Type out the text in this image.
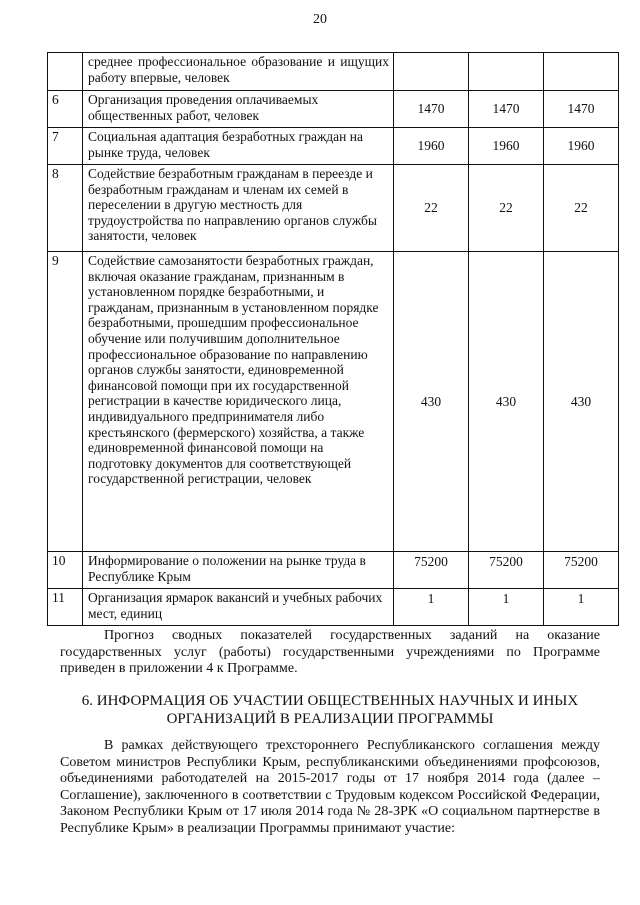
20
	среднее профессиональное образование и ищущих работу впервые, человек			
6	Организация проведения оплачиваемых общественных работ, человек	1470	1470	1470
7	Социальная адаптация безработных граждан на рынке труда, человек	1960	1960	1960
8	Содействие безработным гражданам в переезде и безработным гражданам и членам их семей в переселении в другую местность для трудоустройства по направлению органов службы занятости, человек	22	22	22
9	Содействие самозанятости безработных граждан, включая оказание гражданам, признанным в установленном порядке безработными, и гражданам, признанным в установленном порядке безработными, прошедшим профессиональное обучение или получившим дополнительное профессиональное образование по направлению органов службы занятости, единовременной финансовой помощи при их государственной регистрации в качестве юридического лица, индивидуального предпринимателя либо крестьянского (фермерского) хозяйства, а также единовременной финансовой помощи на подготовку документов для соответствующей государственной регистрации, человек	430	430	430
10	Информирование о положении на рынке труда в Республике Крым	75200	75200	75200
11	Организация ярмарок вакансий и учебных рабочих мест, единиц	1	1	1
Прогноз сводных показателей государственных заданий на оказание государственных услуг (работы) государственными учреждениями по Программе приведен в приложении 4 к Программе.
6. ИНФОРМАЦИЯ ОБ УЧАСТИИ ОБЩЕСТВЕННЫХ НАУЧНЫХ И ИНЫХ
ОРГАНИЗАЦИЙ В РЕАЛИЗАЦИИ ПРОГРАММЫ
В рамках действующего трехстороннего Республиканского соглашения между Советом министров Республики Крым, республиканскими объединениями профсоюзов, объединениями работодателей на 2015-2017 годы от 17 ноября 2014 года (далее – Соглашение), заключенного в соответствии с Трудовым кодексом Российской Федерации, Законом Республики Крым от 17 июля 2014 года № 28-ЗРК «О социальном партнерстве в Республике Крым» в реализации Программы принимают участие:
